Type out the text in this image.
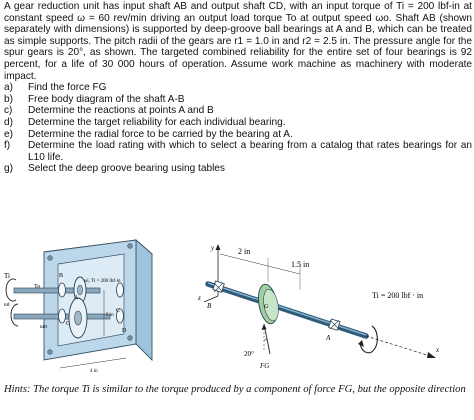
A gear reduction unit has input shaft AB and output shaft CD, with an input torque of Ti = 200 lbf-in at constant speed ω = 60 rev/min driving an output load torque To at output speed ωo. Shaft AB (shown separately with dimensions) is supported by deep-groove ball bearings at A and B, which can be treated as simple supports. The pitch radii of the gears are r1 = 1.0 in and r2 = 2.5 in. The pressure angle for the spur gears is 20°, as shown. The targeted combined reliability for the entire set of four bearings is 92 percent, for a life of 30 000 hours of operation. Assume work machine as machinery with moderate impact.
a) Find the force FG
b) Free body diagram of the shaft A-B
c) Determine the reactions at points A and B
d) Determine the target reliability for each individual bearing.
e) Determine the radial force to be carried by the bearing at A.
f) Determine the load rating with which to select a bearing from a catalog that rates bearings for an L10 life.
g) Select the deep groove bearing using tables
Ti
ωi
ωi, Ti = 200 lbf·in
A
B
G
C
D
5 in
4 in
To
ωo
y	2 in
1.5 in
Ti = 200 lbf · in
z
B	G
A
x
20°
FG
Hints: The torque Ti is similar to the torque produced by a component of force FG, but the opposite direction
